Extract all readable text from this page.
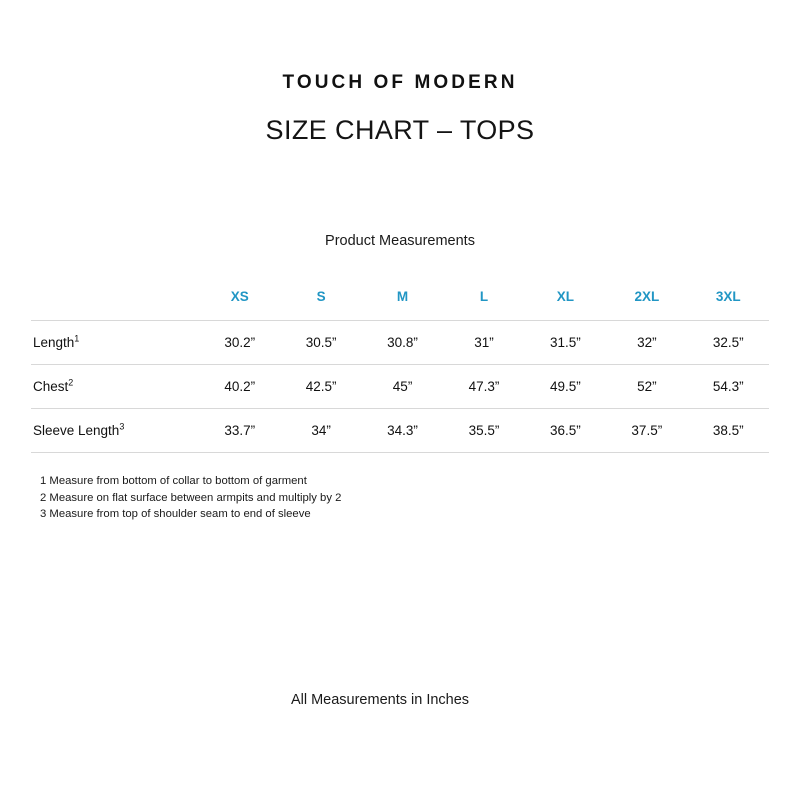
TOUCH OF MODERN
SIZE CHART – TOPS
Product Measurements
	XS	S	M	L	XL	2XL	3XL
Length$^1$	30.2”	30.5”	30.8”	31”	31.5”	32”	32.5”
Chest$^2$	40.2”	42.5”	45”	47.3”	49.5”	52”	54.3”
Sleeve Length$^3$	33.7”	34”	34.3”	35.5”	36.5”	37.5”	38.5”
1 Measure from bottom of collar to bottom of garment
2 Measure on flat surface between armpits and multiply by 2
3 Measure from top of shoulder seam to end of sleeve
All Measurements in Inches
